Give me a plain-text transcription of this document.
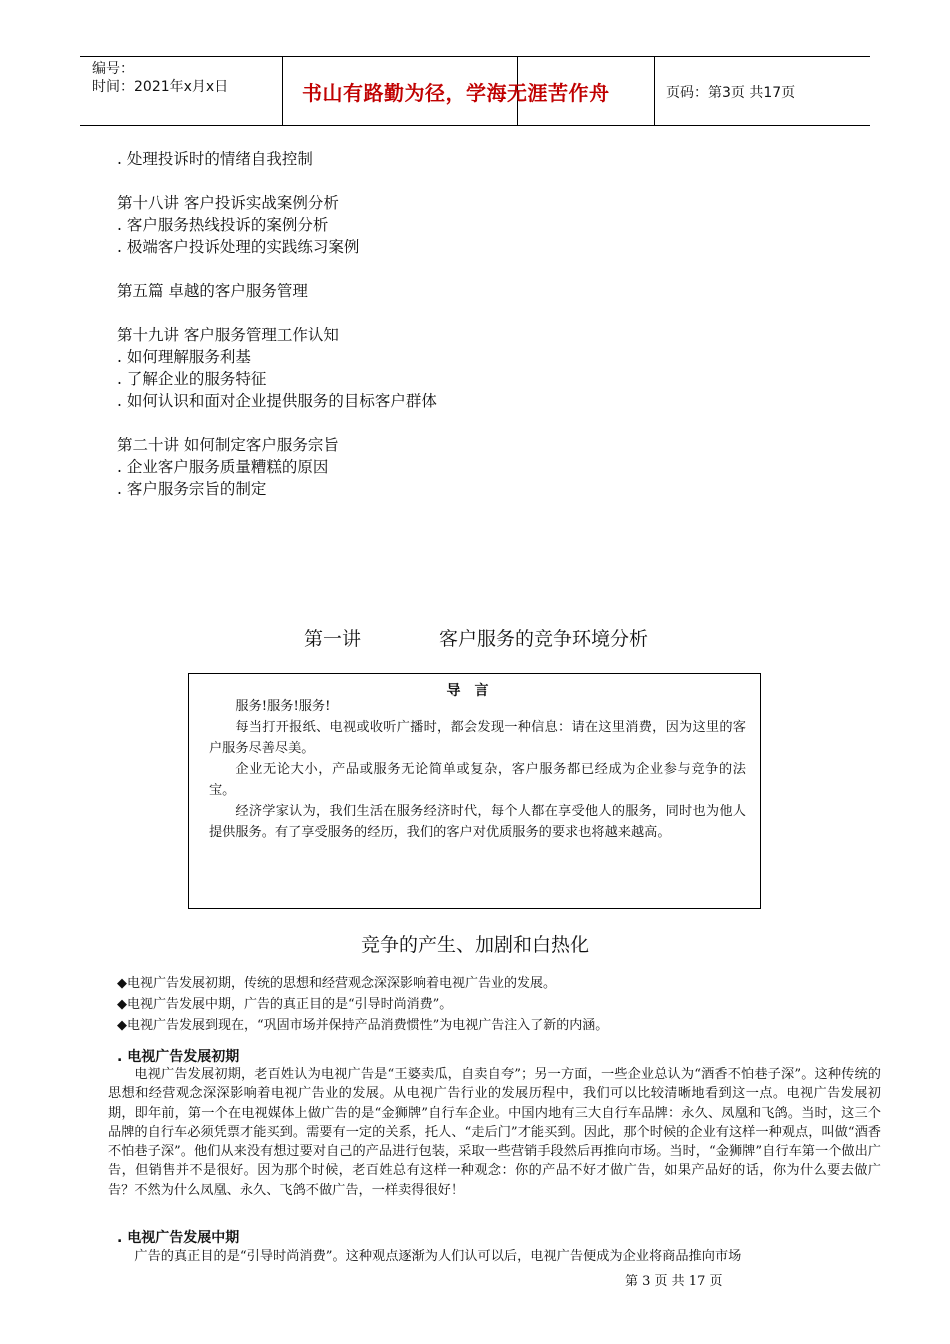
编号：
时间：2021年x月x日	书山有路勤为径，学海无涯苦作舟	页码：第3页 共17页
. 处理投诉时的情绪自我控制
第十八讲 客户投诉实战案例分析
. 客户服务热线投诉的案例分析
. 极端客户投诉处理的实践练习案例
第五篇 卓越的客户服务管理
第十九讲 客户服务管理工作认知
. 如何理解服务利基
. 了解企业的服务特征
. 如何认识和面对企业提供服务的目标客户群体
第二十讲 如何制定客户服务宗旨
. 企业客户服务质量糟糕的原因
. 客户服务宗旨的制定
第一讲	客户服务的竞争环境分析
导言

服务!服务!服务!

每当打开报纸、电视或收听广播时，都会发现一种信息：请在这里消费，因为这里的客户服务尽善尽美。

企业无论大小，产品或服务无论简单或复杂，客户服务都已经成为企业参与竞争的法宝。

经济学家认为，我们生活在服务经济时代，每个人都在享受他人的服务，同时也为他人提供服务。有了享受服务的经历，我们的客户对优质服务的要求也将越来越高。

竞争的产生、加剧和白热化
◆电视广告发展初期，传统的思想和经营观念深深影响着电视广告业的发展。
◆电视广告发展中期，广告的真正目的是“引导时尚消费”。
◆电视广告发展到现在，“巩固市场并保持产品消费惯性”为电视广告注入了新的内涵。
. 电视广告发展初期

电视广告发展初期，老百姓认为电视广告是“王婆卖瓜，自卖自夸”；另一方面，一些企业总认为“酒香不怕巷子深”。这种传统的思想和经营观念深深影响着电视广告业的发展。从电视广告行业的发展历程中，我们可以比较清晰地看到这一点。电视广告发展初期，即年前，第一个在电视媒体上做广告的是“金狮牌”自行车企业。中国内地有三大自行车品牌：永久、凤凰和飞鸽。当时，这三个品牌的自行车必须凭票才能买到。需要有一定的关系，托人、“走后门”才能买到。因此，那个时候的企业有这样一种观点，叫做“酒香不怕巷子深”。他们从来没有想过要对自己的产品进行包装，采取一些营销手段然后再推向市场。当时，“金狮牌”自行车第一个做出广告，但销售并不是很好。因为那个时候，老百姓总有这样一种观念：你的产品不好才做广告，如果产品好的话，你为什么要去做广告？不然为什么凤凰、永久、飞鸽不做广告，一样卖得很好！

. 电视广告发展中期

广告的真正目的是“引导时尚消费”。这种观点逐渐为人们认可以后，电视广告便成为企业将商品推向市场

第 3 页 共 17 页
